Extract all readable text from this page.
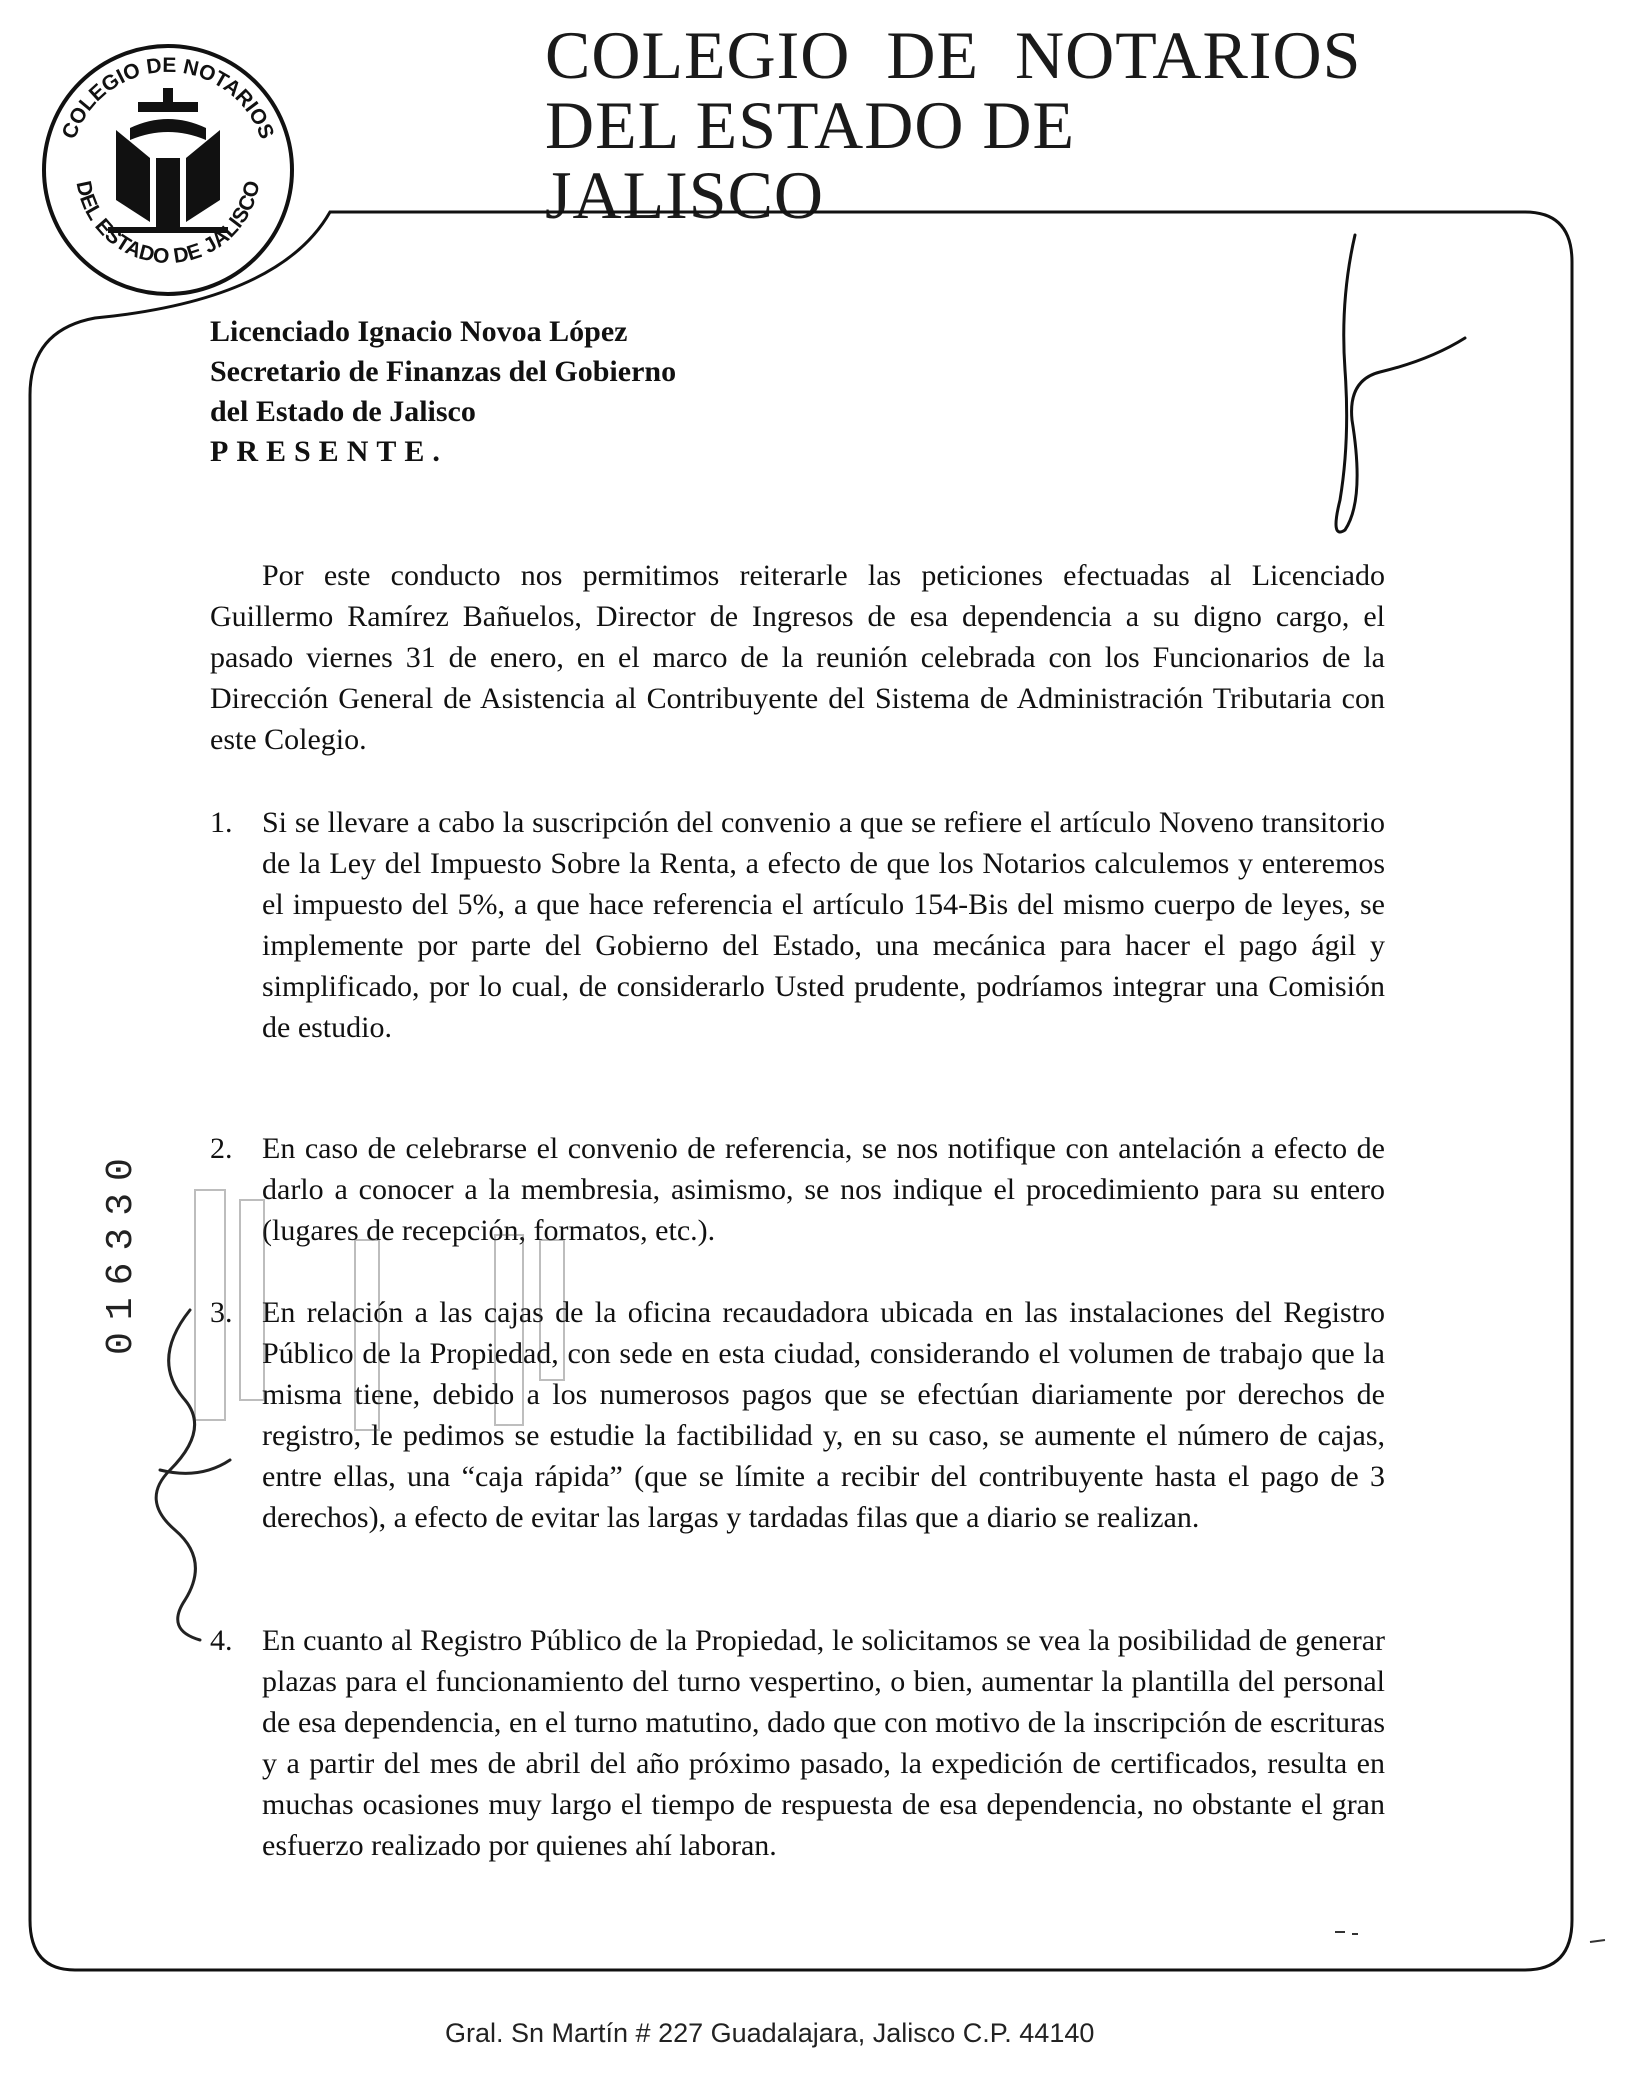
COLEGIO DE NOTARIOS
DEL ESTADO DE JALISCO
COLEGIO  DE  NOTARIOS
DEL ESTADO DE JALISCO
Licenciado Ignacio Novoa López
Secretario de Finanzas del Gobierno
del Estado de Jalisco
PRESENTE.
Por este conducto nos permitimos reiterarle las peticiones efectuadas al Licenciado Guillermo Ramírez Bañuelos, Director de Ingresos de esa dependencia a su digno cargo, el pasado viernes 31 de enero, en el marco de la reunión celebrada con los Funcionarios de la Dirección General de Asistencia al Contribuyente del Sistema de Administración Tributaria con este Colegio.
1. Si se llevare a cabo la suscripción del convenio a que se refiere el artículo Noveno transitorio de la Ley del Impuesto Sobre la Renta, a efecto de que los Notarios calculemos y enteremos el impuesto del 5%, a que hace referencia el artículo 154-Bis del mismo cuerpo de leyes, se implemente por parte del Gobierno del Estado, una mecánica para hacer el pago ágil y simplificado, por lo cual, de considerarlo Usted prudente, podríamos integrar una Comisión de estudio.
2. En caso de celebrarse el convenio de referencia, se nos notifique con antelación a efecto de darlo a conocer a la membresia, asimismo, se nos indique el procedimiento para su entero (lugares de recepción, formatos, etc.).
3. En relación a las cajas de la oficina recaudadora ubicada en las instalaciones del Registro Público de la Propiedad, con sede en esta ciudad, considerando el volumen de trabajo que la misma tiene, debido a los numerosos pagos que se efectúan diariamente por derechos de registro, le pedimos se estudie la factibilidad y, en su caso, se aumente el número de cajas, entre ellas, una “caja rápida” (que se límite a recibir del contribuyente hasta el pago de 3 derechos), a efecto de evitar las largas y tardadas filas que a diario se realizan.
4. En cuanto al Registro Público de la Propiedad, le solicitamos se vea la posibilidad de generar plazas para el funcionamiento del turno vespertino, o bien, aumentar la plantilla del personal de esa dependencia, en el turno matutino, dado que con motivo de la inscripción de escrituras y a partir del mes de abril del año próximo pasado, la expedición de certificados, resulta en muchas ocasiones muy largo el tiempo de respuesta de esa dependencia, no obstante el gran esfuerzo realizado por quienes ahí laboran.
016330
Gral. Sn Martín # 227 Guadalajara, Jalisco C.P. 44140
